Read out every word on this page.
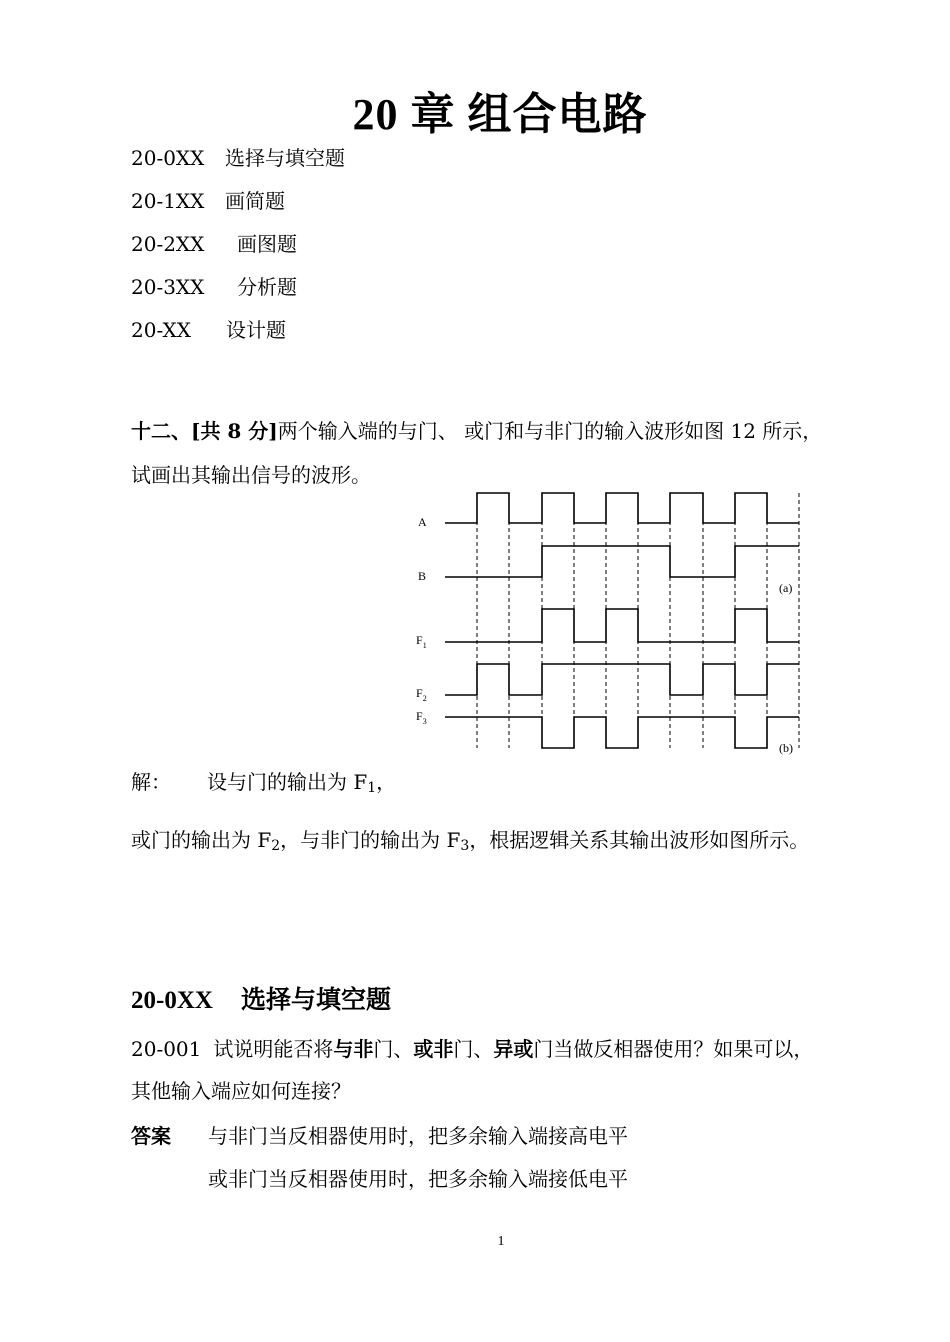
20 章 组合电路
20-0XX 选择与填空题
20-1XX 画简题
20-2XX 画图题
20-3XX 分析题
20-XX 设计题
十二、[共 8 分]两个输入端的与门、 或门和与非门的输入波形如图 12 所示，
试画出其输出信号的波形。
A
B
$F_1$
$F_2$
$F_3$
(a)
(b)
解： 设与门的输出为 $F_1$，
或门的输出为 $F_2$，与非门的输出为 $F_3$，根据逻辑关系其输出波形如图所示。
20-0XX 选择与填空题
20-001 试说明能否将与非门、或非门、异或门当做反相器使用？如果可以，
其他输入端应如何连接？
答案 与非门当反相器使用时，把多余输入端接高电平
或非门当反相器使用时，把多余输入端接低电平
1
